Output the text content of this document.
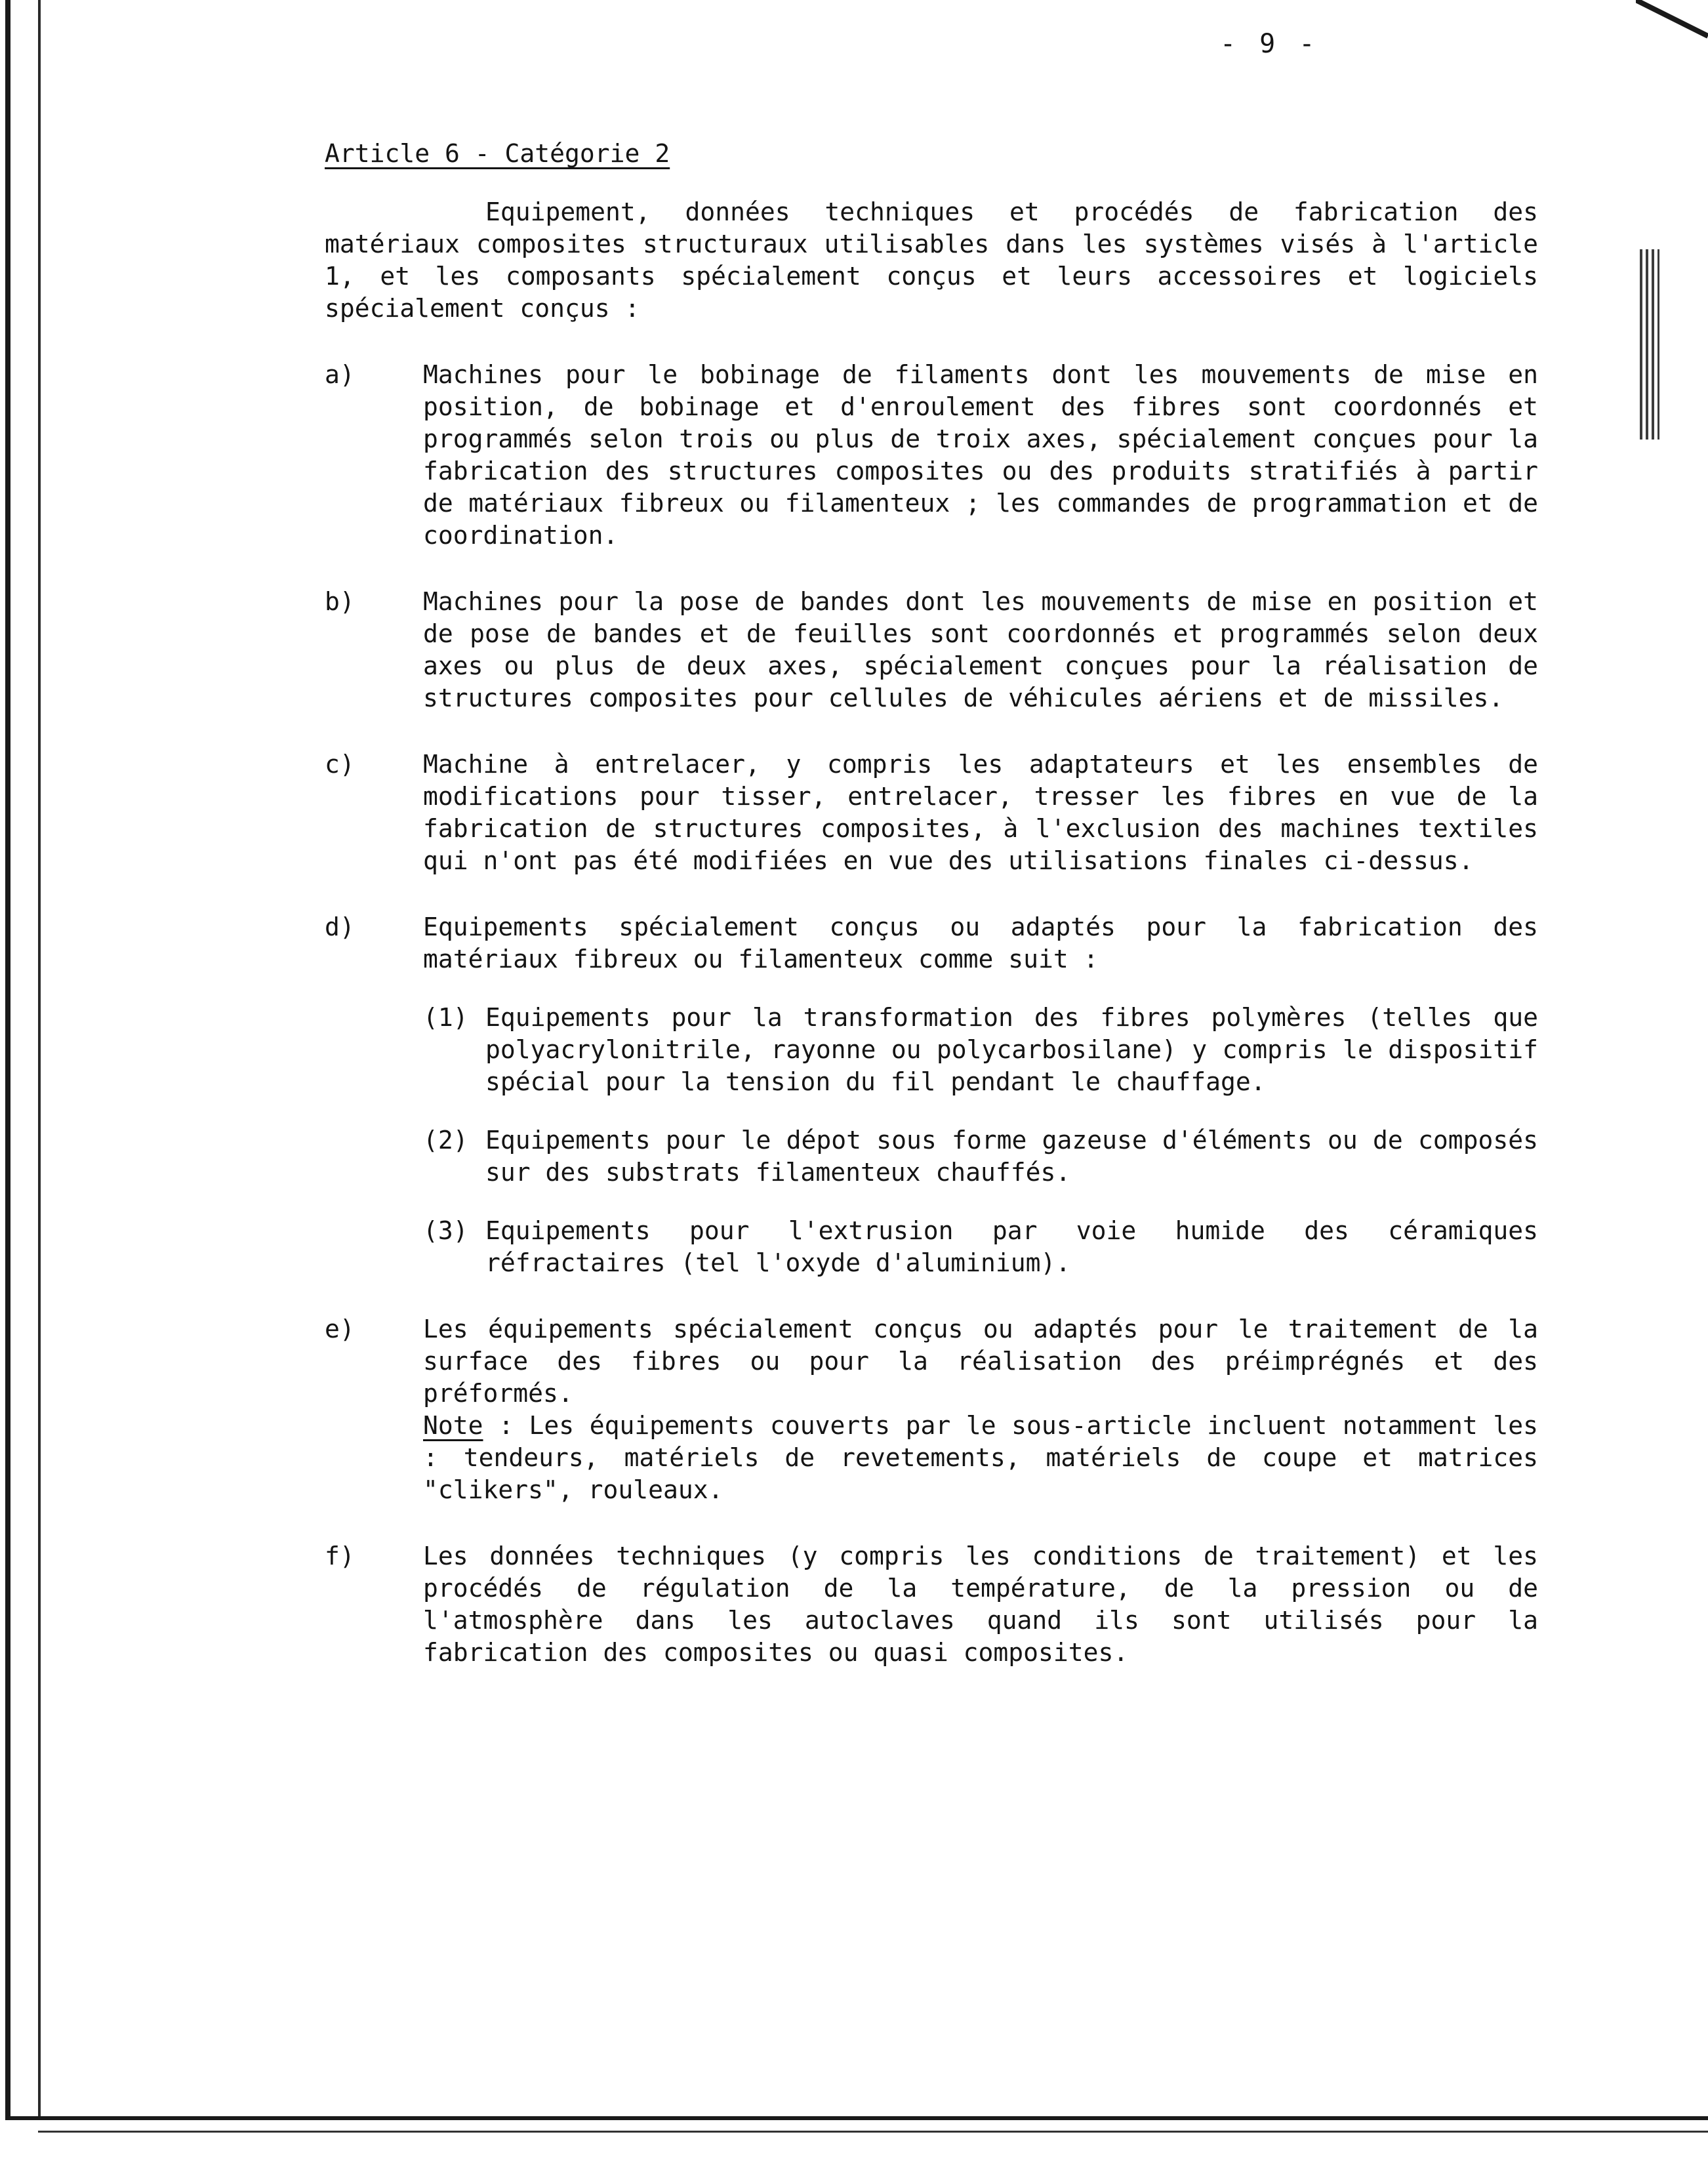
- 9 -
Article 6 - Catégorie 2

Equipement, données techniques et procédés de fabrication des matériaux composites structuraux utilisables dans les systèmes visés à l'article 1, et les composants spécialement conçus et leurs accessoires et logiciels spécialement conçus :

a)	Machines pour le bobinage de filaments dont les mouvements de mise en position, de bobinage et d'enroulement des fibres sont coordonnés et programmés selon trois ou plus de troix axes, spécialement conçues pour la fabrication des structures composites ou des produits stratifiés à partir de matériaux fibreux ou filamenteux ; les commandes de programmation et de coordination.

b)	Machines pour la pose de bandes dont les mouvements de mise en position et de pose de bandes et de feuilles sont coordonnés et programmés selon deux axes ou plus de deux axes, spécialement conçues pour la réalisation de structures composites pour cellules de véhicules aériens et de missiles.

c)	Machine à entrelacer, y compris les adaptateurs et les ensembles de modifications pour tisser, entrelacer, tresser les fibres en vue de la fabrication de structures composites, à l'exclusion des machines textiles qui n'ont pas été modifiées en vue des utilisations finales ci-dessus.

d)	Equipements spécialement conçus ou adaptés pour la fabrication des matériaux fibreux ou filamenteux comme suit :

(1) Equipements pour la transformation des fibres polymères (telles que polyacrylonitrile, rayonne ou polycarbosilane) y compris le dispositif spécial pour la tension du fil pendant le chauffage.

(2) Equipements pour le dépot sous forme gazeuse d'éléments ou de composés sur des substrats filamenteux chauffés.

(3) Equipements pour l'extrusion par voie humide des céramiques réfractaires (tel l'oxyde d'aluminium).

e)	Les équipements spécialement conçus ou adaptés pour le traitement de la surface des fibres ou pour la réalisation des préimprégnés et des préformés.

Note : Les équipements couverts par le sous-article incluent notamment les : tendeurs, matériels de revetements, matériels de coupe et matrices "clikers", rouleaux.

f)	Les données techniques (y compris les conditions de traitement) et les procédés de régulation de la température, de la pression ou de l'atmosphère dans les autoclaves quand ils sont utilisés pour la fabrication des composites ou quasi composites.
